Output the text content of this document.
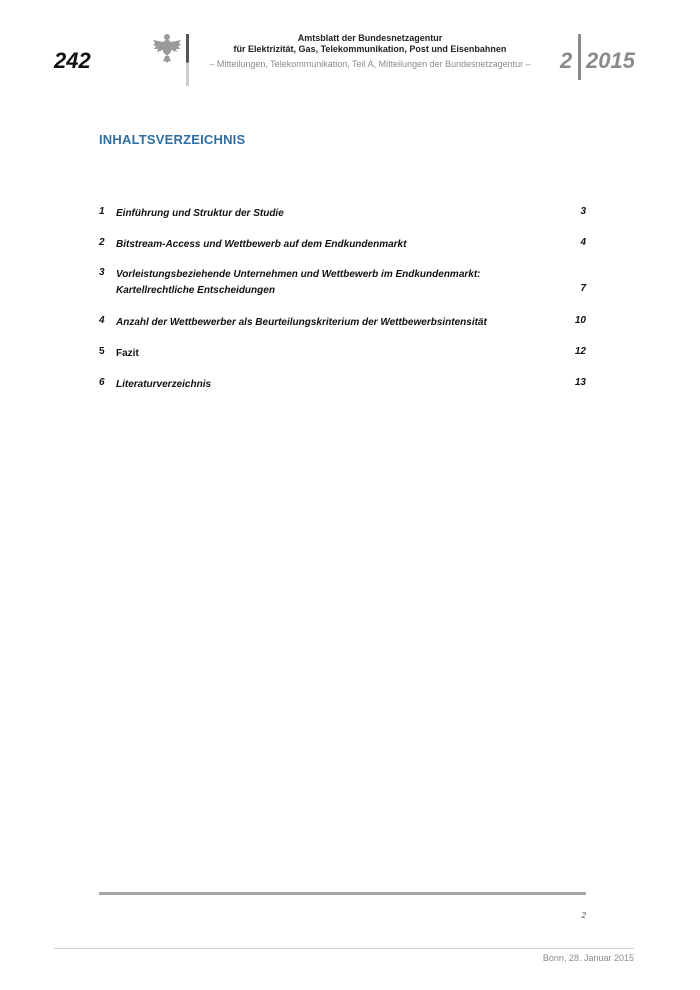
242
Amtsblatt der Bundesnetzagentur
für Elektrizität, Gas, Telekommunikation, Post und Eisenbahnen
– Mitteilungen, Telekommunikation, Teil A, Mitteilungen der Bundesnetzagentur –	2 2015
INHALTSVERZEICHNIS
1 Einführung und Struktur der Studie	3
2 Bitstream-Access und Wettbewerb auf dem Endkundenmarkt	4
3 Vorleistungsbeziehende Unternehmen und Wettbewerb im Endkundenmarkt: Kartellrechtliche Entscheidungen	7
4 Anzahl der Wettbewerber als Beurteilungskriterium der Wettbewerbsintensität	10
5 Fazit	12
6 Literaturverzeichnis	13
2
Bonn, 28. Januar 2015
